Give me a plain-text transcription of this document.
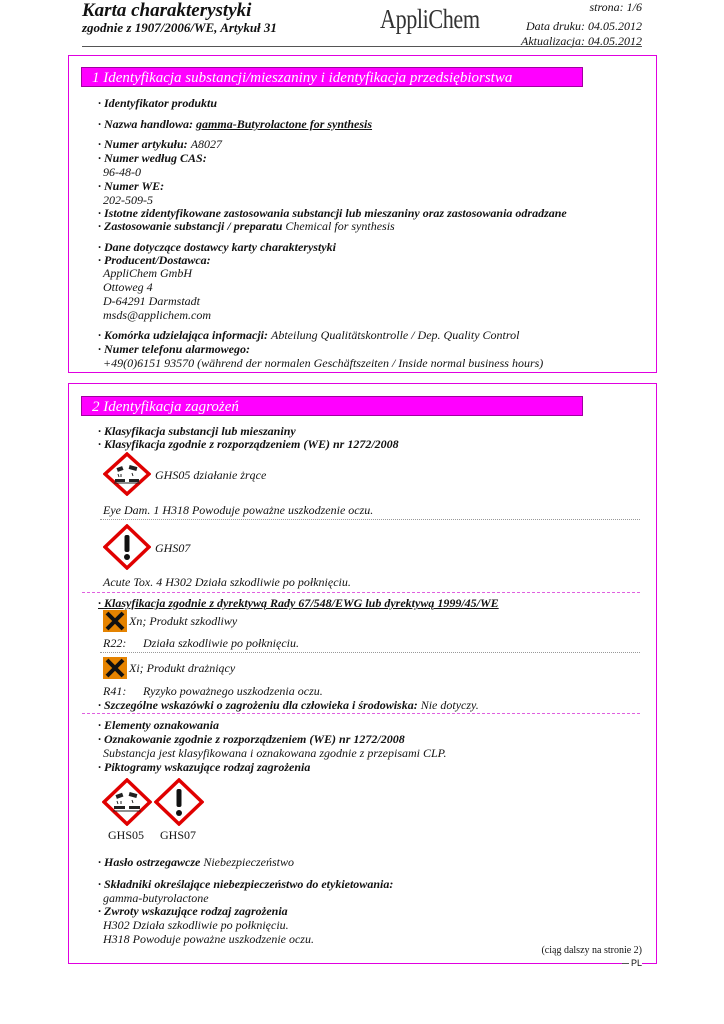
Karta charakterystyki
zgodnie z 1907/2006/WE, Artykuł 31	AppliChem	strona: 1/6
Data druku: 04.05.2012
Aktualizacja: 04.05.2012
1 Identyfikacja substancji/mieszaniny i identyfikacja przedsiębiorstwa
· Identyfikator produktu
· Nazwa handlowa: gamma-Butyrolactone for synthesis
· Numer artykułu: A8027
· Numer według CAS:
96-48-0
· Numer WE:
202-509-5
· Istotne zidentyfikowane zastosowania substancji lub mieszaniny oraz zastosowania odradzane
· Zastosowanie substancji / preparatu Chemical for synthesis
· Dane dotyczące dostawcy karty charakterystyki
· Producent/Dostawca:
AppliChem GmbH
Ottoweg 4
D-64291 Darmstadt
msds@applichem.com
· Komórka udzielająca informacji: Abteilung Qualitätskontrolle / Dep. Quality Control
· Numer telefonu alarmowego:
+49(0)6151 93570 (während der normalen Geschäftszeiten / Inside normal business hours)
2 Identyfikacja zagrożeń
· Klasyfikacja substancji lub mieszaniny
· Klasyfikacja zgodnie z rozporządzeniem (WE) nr 1272/2008
GHS05 działanie żrące
Eye Dam. 1 H318 Powoduje poważne uszkodzenie oczu.
GHS07
Acute Tox. 4 H302 Działa szkodliwie po połknięciu.
· Klasyfikacja zgodnie z dyrektywą Rady 67/548/EWG lub dyrektywą 1999/45/WE
Xn; Produkt szkodliwy
R22: Działa szkodliwie po połknięciu.
Xi; Produkt drażniący
R41: Ryzyko poważnego uszkodzenia oczu.
· Szczególne wskazówki o zagrożeniu dla człowieka i środowiska: Nie dotyczy.
· Elementy oznakowania
· Oznakowanie zgodnie z rozporządzeniem (WE) nr 1272/2008
Substancja jest klasyfikowana i oznakowana zgodnie z przepisami CLP.
· Piktogramy wskazujące rodzaj zagrożenia
GHS05 GHS07
· Hasło ostrzegawcze Niebezpieczeństwo
· Składniki określające niebezpieczeństwo do etykietowania:
gamma-butyrolactone
· Zwroty wskazujące rodzaj zagrożenia
H302 Działa szkodliwie po połknięciu.
H318 Powoduje poważne uszkodzenie oczu.
(ciąg dalszy na stronie 2)
PL
